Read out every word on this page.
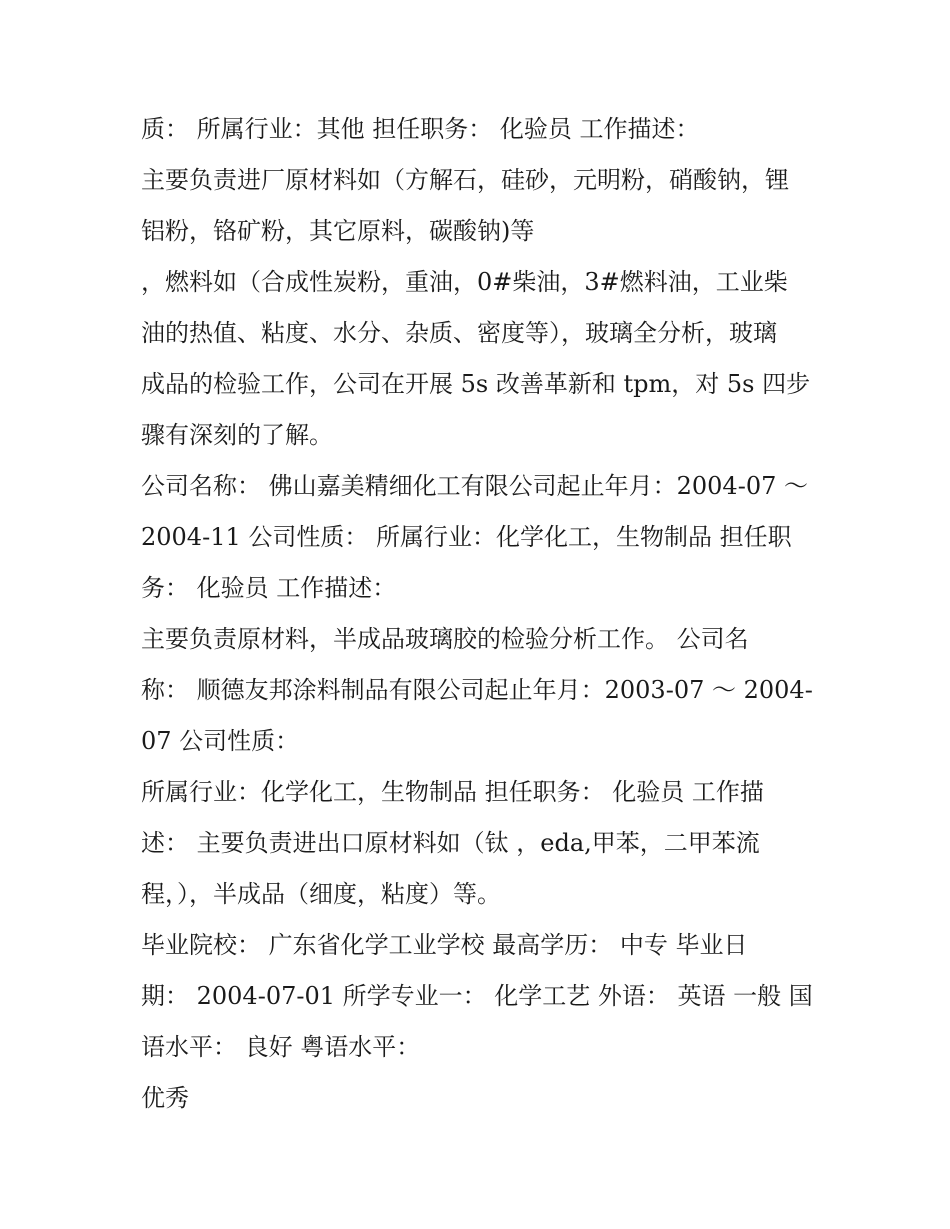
质： 所属行业：其他 担任职务： 化验员 工作描述：
主要负责进厂原材料如（方解石，硅砂，元明粉，硝酸钠，锂
铝粉，铬矿粉，其它原料，碳酸钠)等
，燃料如（合成性炭粉，重油，0#柴油，3#燃料油，工业柴
油的热值、粘度、水分、杂质、密度等），玻璃全分析，玻璃
成品的检验工作，公司在开展 5s 改善革新和 tpm，对 5s 四步
骤有深刻的了解。
公司名称： 佛山嘉美精细化工有限公司起止年月：2004-07 ～
2004-11 公司性质： 所属行业：化学化工，生物制品 担任职
务： 化验员 工作描述：
主要负责原材料，半成品玻璃胶的检验分析工作。 公司名
称： 顺德友邦涂料制品有限公司起止年月：2003-07 ～ 2004-
07 公司性质：
所属行业：化学化工，生物制品 担任职务： 化验员 工作描
述： 主要负责进出口原材料如（钛 ，eda,甲苯，二甲苯流
程，），半成品（细度，粘度）等。
毕业院校： 广东省化学工业学校 最高学历： 中专 毕业日
期： 2004-07-01 所学专业一： 化学工艺 外语： 英语 一般 国
语水平： 良好 粤语水平：
优秀
